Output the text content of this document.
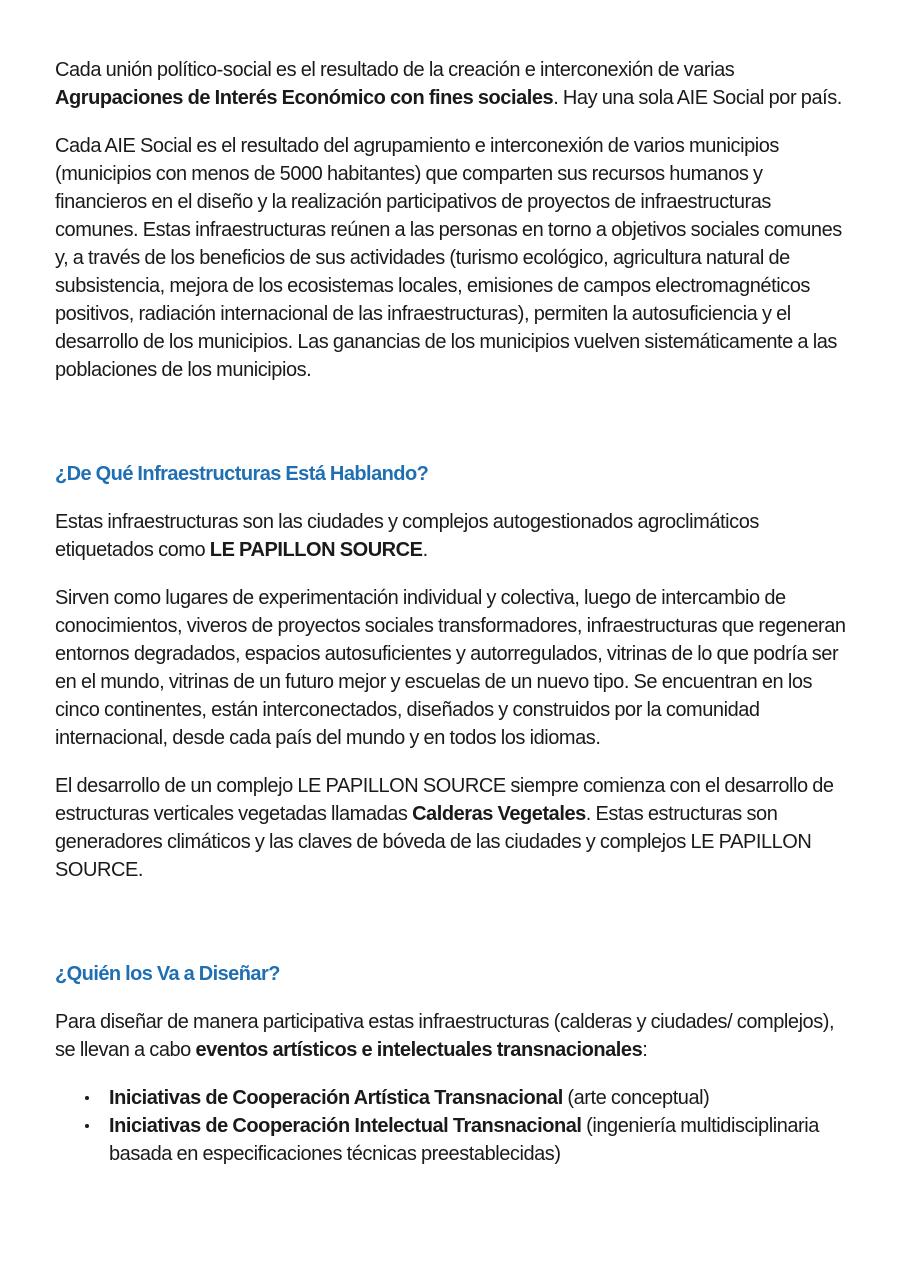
Cada unión político-social es el resultado de la creación e interconexión de varias Agrupaciones de Interés Económico con fines sociales. Hay una sola AIE Social por país.

Cada AIE Social es el resultado del agrupamiento e interconexión de varios municipios (municipios con menos de 5000 habitantes) que comparten sus recursos humanos y financieros en el diseño y la realización participativos de proyectos de infraestructuras comunes. Estas infraestructuras reúnen a las personas en torno a objetivos sociales comunes y, a través de los beneficios de sus actividades (turismo ecológico, agricultura natural de subsistencia, mejora de los ecosistemas locales, emisiones de campos electromagnéticos positivos, radiación internacional de las infraestructuras), permiten la autosuficiencia y el desarrollo de los municipios. Las ganancias de los municipios vuelven sistemáticamente a las poblaciones de los municipios.

¿De Qué Infraestructuras Está Hablando?

Estas infraestructuras son las ciudades y complejos autogestionados agroclimáticos etiquetados como LE PAPILLON SOURCE.

Sirven como lugares de experimentación individual y colectiva, luego de intercambio de conocimientos, viveros de proyectos sociales transformadores, infraestructuras que regeneran entornos degradados, espacios autosuficientes y autorregulados, vitrinas de lo que podría ser en el mundo, vitrinas de un futuro mejor y escuelas de un nuevo tipo. Se encuentran en los cinco continentes, están interconectados, diseñados y construidos por la comunidad internacional, desde cada país del mundo y en todos los idiomas.

El desarrollo de un complejo LE PAPILLON SOURCE siempre comienza con el desarrollo de estructuras verticales vegetadas llamadas Calderas Vegetales. Estas estructuras son generadores climáticos y las claves de bóveda de las ciudades y complejos LE PAPILLON SOURCE.

¿Quién los Va a Diseñar?

Para diseñar de manera participativa estas infraestructuras (calderas y ciudades/ complejos), se llevan a cabo eventos artísticos e intelectuales transnacionales:

Iniciativas de Cooperación Artística Transnacional (arte conceptual)
Iniciativas de Cooperación Intelectual Transnacional (ingeniería multidisciplinaria basada en especificaciones técnicas preestablecidas)
